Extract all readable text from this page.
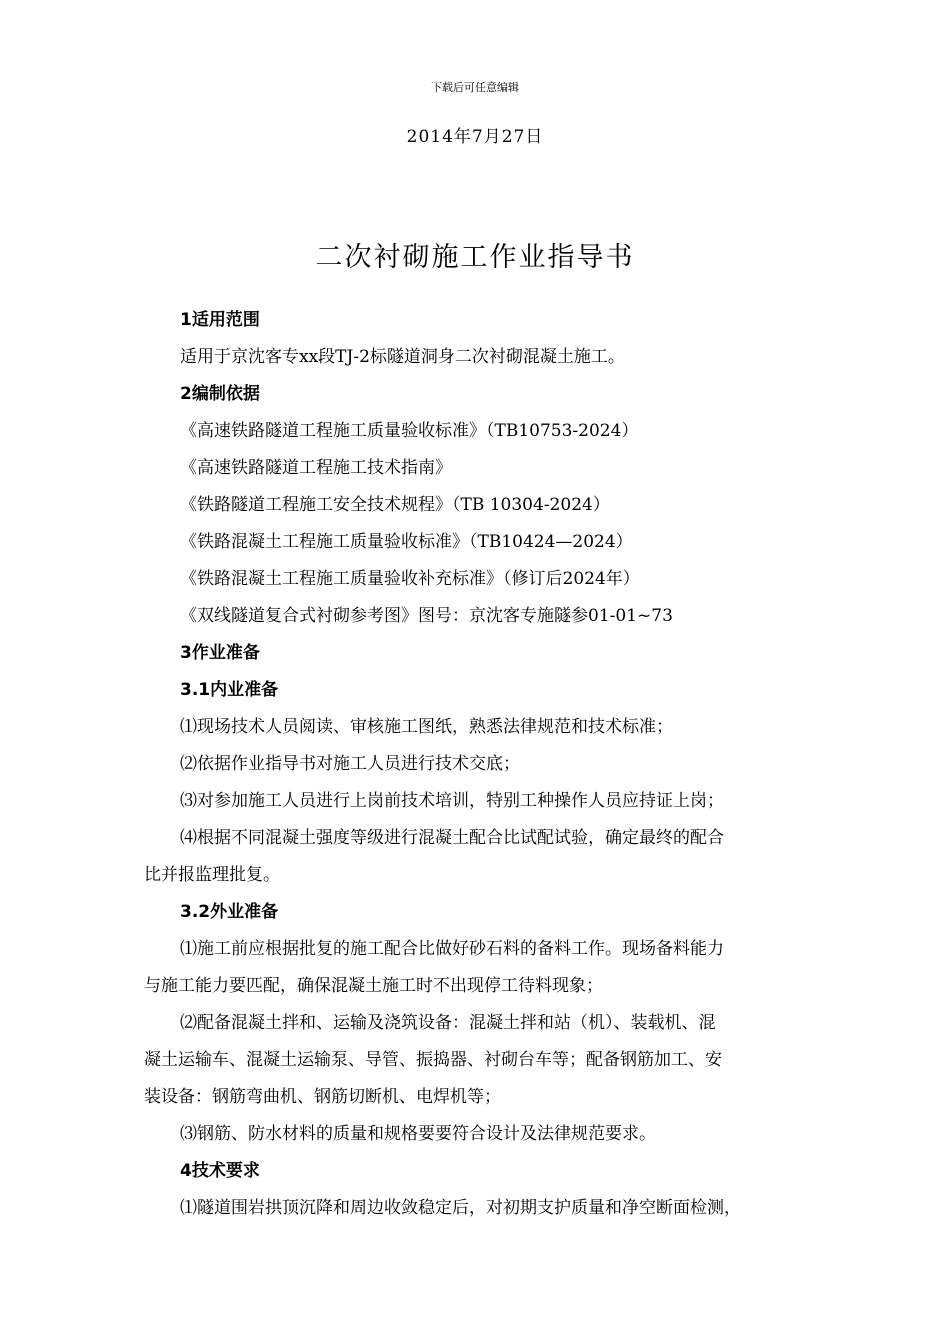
下载后可任意编辑
2014年7月27日
二次衬砌施工作业指导书

1适用范围

适用于京沈客专xx段TJ-2标隧道洞身二次衬砌混凝土施工。

2编制依据

《高速铁路隧道工程施工质量验收标准》（TB10753-2024）

《高速铁路隧道工程施工技术指南》

《铁路隧道工程施工安全技术规程》（TB 10304-2024）

《铁路混凝土工程施工质量验收标准》（TB10424—2024）

《铁路混凝土工程施工质量验收补充标准》（修订后2024年）

《双线隧道复合式衬砌参考图》图号：京沈客专施隧参01-01~73

3作业准备

3.1内业准备

⑴现场技术人员阅读、审核施工图纸，熟悉法律规范和技术标准；

⑵依据作业指导书对施工人员进行技术交底；

⑶对参加施工人员进行上岗前技术培训，特别工种操作人员应持证上岗；

⑷根据不同混凝土强度等级进行混凝土配合比试配试验，确定最终的配合

比并报监理批复。

3.2外业准备

⑴施工前应根据批复的施工配合比做好砂石料的备料工作。现场备料能力

与施工能力要匹配，确保混凝土施工时不出现停工待料现象；

⑵配备混凝土拌和、运输及浇筑设备：混凝土拌和站（机）、装载机、混

凝土运输车、混凝土运输泵、导管、振捣器、衬砌台车等；配备钢筋加工、安

装设备：钢筋弯曲机、钢筋切断机、电焊机等；

⑶钢筋、防水材料的质量和规格要要符合设计及法律规范要求。

4技术要求

⑴隧道围岩拱顶沉降和周边收敛稳定后，对初期支护质量和净空断面检测，
